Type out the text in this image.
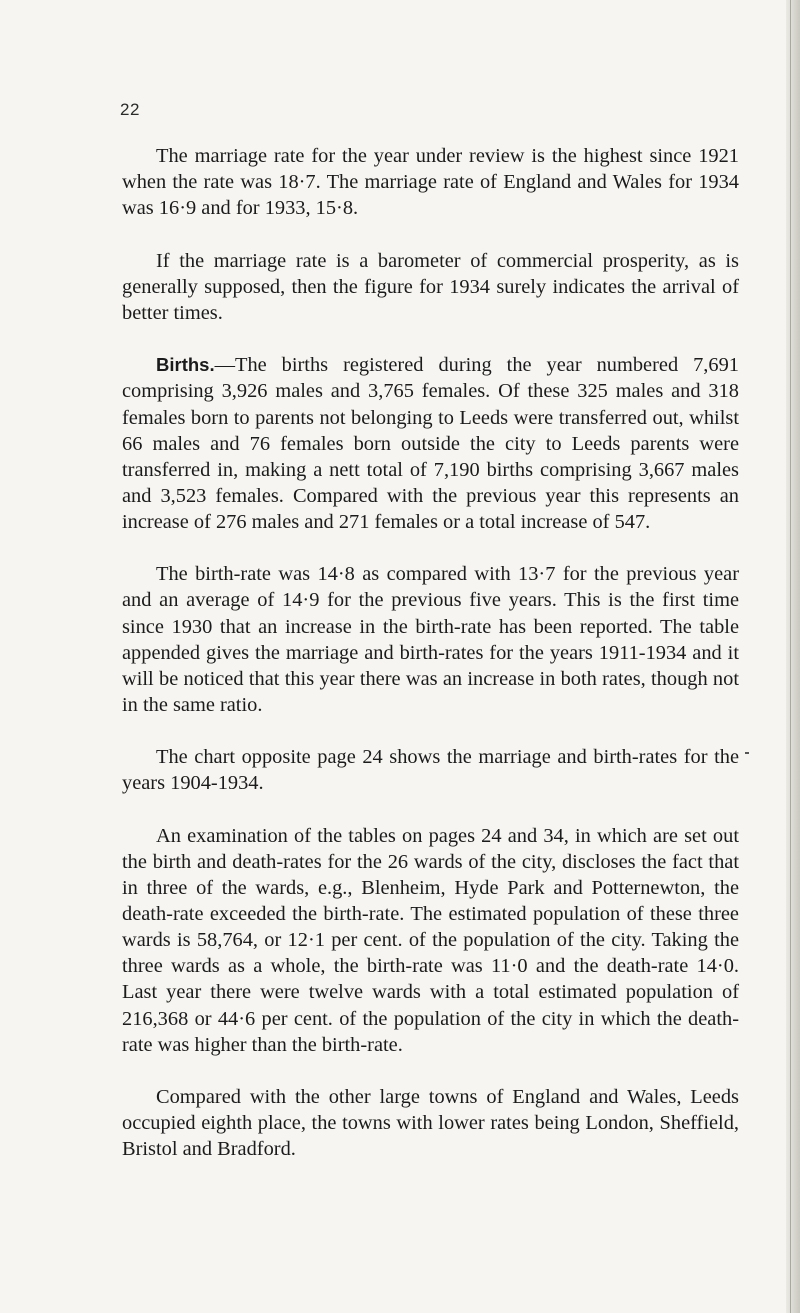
22

The marriage rate for the year under review is the highest since 1921 when the rate was 18·7. The marriage rate of England and Wales for 1934 was 16·9 and for 1933, 15·8.

If the marriage rate is a barometer of commercial prosperity, as is generally supposed, then the figure for 1934 surely indicates the arrival of better times.

Births.—The births registered during the year numbered 7,691 comprising 3,926 males and 3,765 females. Of these 325 males and 318 females born to parents not belonging to Leeds were transferred out, whilst 66 males and 76 females born outside the city to Leeds parents were transferred in, making a nett total of 7,190 births comprising 3,667 males and 3,523 females. Compared with the previous year this represents an increase of 276 males and 271 females or a total increase of 547.

The birth-rate was 14·8 as compared with 13·7 for the previous year and an average of 14·9 for the previous five years. This is the first time since 1930 that an increase in the birth-rate has been reported. The table appended gives the marriage and birth-rates for the years 1911-1934 and it will be noticed that this year there was an increase in both rates, though not in the same ratio.

The chart opposite page 24 shows the marriage and birth-rates for the years 1904-1934.

An examination of the tables on pages 24 and 34, in which are set out the birth and death-rates for the 26 wards of the city, discloses the fact that in three of the wards, e.g., Blenheim, Hyde Park and Potternewton, the death-rate exceeded the birth-rate. The estimated population of these three wards is 58,764, or 12·1 per cent. of the population of the city. Taking the three wards as a whole, the birth-rate was 11·0 and the death-rate 14·0. Last year there were twelve wards with a total estimated population of 216,368 or 44·6 per cent. of the population of the city in which the death-rate was higher than the birth-rate.

Compared with the other large towns of England and Wales, Leeds occupied eighth place, the towns with lower rates being London, Sheffield, Bristol and Bradford.
